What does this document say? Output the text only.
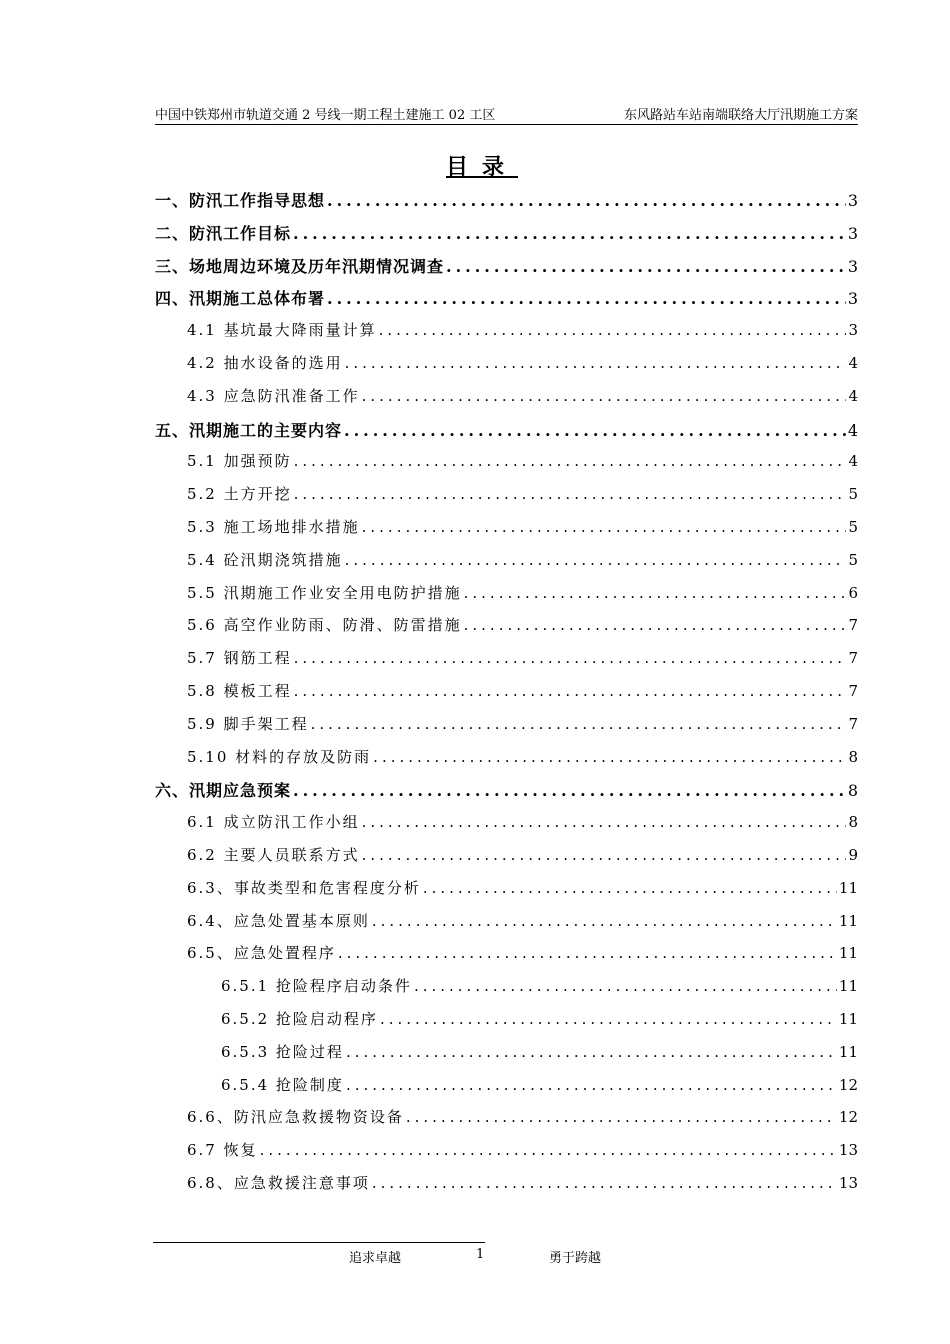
中国中铁郑州市轨道交通 2 号线一期工程土建施工 02 工区	东风路站车站南端联络大厅汛期施工方案
目录
一、防汛工作指导思想 .....	3
二、防汛工作目标 .....	3
三、场地周边环境及历年汛期情况调查 .....	3
四、汛期施工总体布署 .....	3
4.1 基坑最大降雨量计算 .....	3
4.2 抽水设备的选用 .....	4
4.3 应急防汛准备工作 .....	4
五、汛期施工的主要内容 .....	4
5.1 加强预防 .....	4
5.2 土方开挖 .....	5
5.3 施工场地排水措施 .....	5
5.4 砼汛期浇筑措施 .....	5
5.5 汛期施工作业安全用电防护措施 .....	6
5.6 高空作业防雨、防滑、防雷措施 .....	7
5.7 钢筋工程 .....	7
5.8 模板工程 .....	7
5.9 脚手架工程 .....	7
5.10 材料的存放及防雨 .....	8
六、汛期应急预案 .....	8
6.1 成立防汛工作小组 .....	8
6.2 主要人员联系方式 .....	9
6.3、事故类型和危害程度分析 .....	11
6.4、应急处置基本原则 .....	11
6.5、应急处置程序 .....	11
6.5.1 抢险程序启动条件 .....	11
6.5.2 抢险启动程序 .....	11
6.5.3 抢险过程 .....	11
6.5.4 抢险制度 .....	12
6.6、防汛应急救援物资设备 .....	12
6.7 恢复 .....	13
6.8、应急救援注意事项 .....	13
追求卓越	1	勇于跨越
